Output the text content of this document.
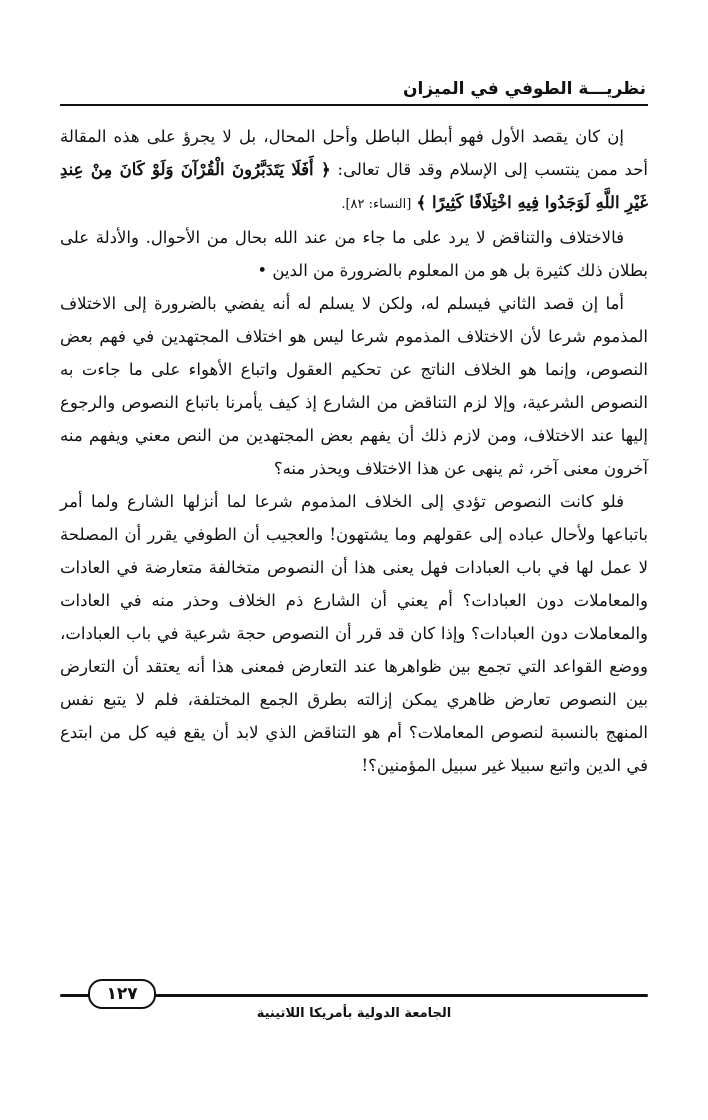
نظريـــة الطوفي في الميزان

إن كان يقصد الأول فهو أبطل الباطل وأحل المحال، بل لا يجرؤ على هذه المقالة أحد ممن ينتسب إلى الإسلام وقد قال تعالى: ﴿ أَفَلَا يَتَدَبَّرُونَ الْقُرْآنَ وَلَوْ كَانَ مِنْ عِندِ غَيْرِ اللَّهِ لَوَجَدُوا فِيهِ اخْتِلَافًا كَثِيرًا ﴾ [النساء: ٨٢].

فالاختلاف والتناقض لا يرد على ما جاء من عند الله بحال من الأحوال. والأدلة على بطلان ذلك كثيرة بل هو من المعلوم بالضرورة من الدين •

أما إن قصد الثاني فيسلم له، ولكن لا يسلم له أنه يفضي بالضرورة إلى الاختلاف المذموم شرعا لأن الاختلاف المذموم شرعا ليس هو اختلاف المجتهدين في فهم بعض النصوص، وإنما هو الخلاف الناتج عن تحكيم العقول واتباع الأهواء على ما جاءت به النصوص الشرعية، وإلا لزم التناقض من الشارع إذ كيف يأمرنا باتباع النصوص والرجوع إليها عند الاختلاف، ومن لازم ذلك أن يفهم بعض المجتهدين من النص معني ويفهم منه آخرون معنى آخر، ثم ينهى عن هذا الاختلاف ويحذر منه؟

فلو كانت النصوص تؤدي إلى الخلاف المذموم شرعا لما أنزلها الشارع ولما أمر باتباعها ولأحال عباده إلى عقولهم وما يشتهون! والعجيب أن الطوفي يقرر أن المصلحة لا عمل لها في باب العبادات فهل يعنى هذا أن النصوص متخالفة متعارضة في العادات والمعاملات دون العبادات؟ أم يعني أن الشارع ذم الخلاف وحذر منه في العادات والمعاملات دون العبادات؟ وإذا كان قد قرر أن النصوص حجة شرعية في باب العبادات، ووضع القواعد التي تجمع بين ظواهرها عند التعارض فمعنى هذا أنه يعتقد أن التعارض بين النصوص تعارض ظاهري يمكن إزالته بطرق الجمع المختلفة، فلم لا يتبع نفس المنهج بالنسبة لنصوص المعاملات؟ أم هو التناقض الذي لابد أن يقع فيه كل من ابتدع في الدين واتبع سبيلا غير سبيل المؤمنين؟!

١٢٧
الجامعة الدولية بأمريكا اللاتينية
